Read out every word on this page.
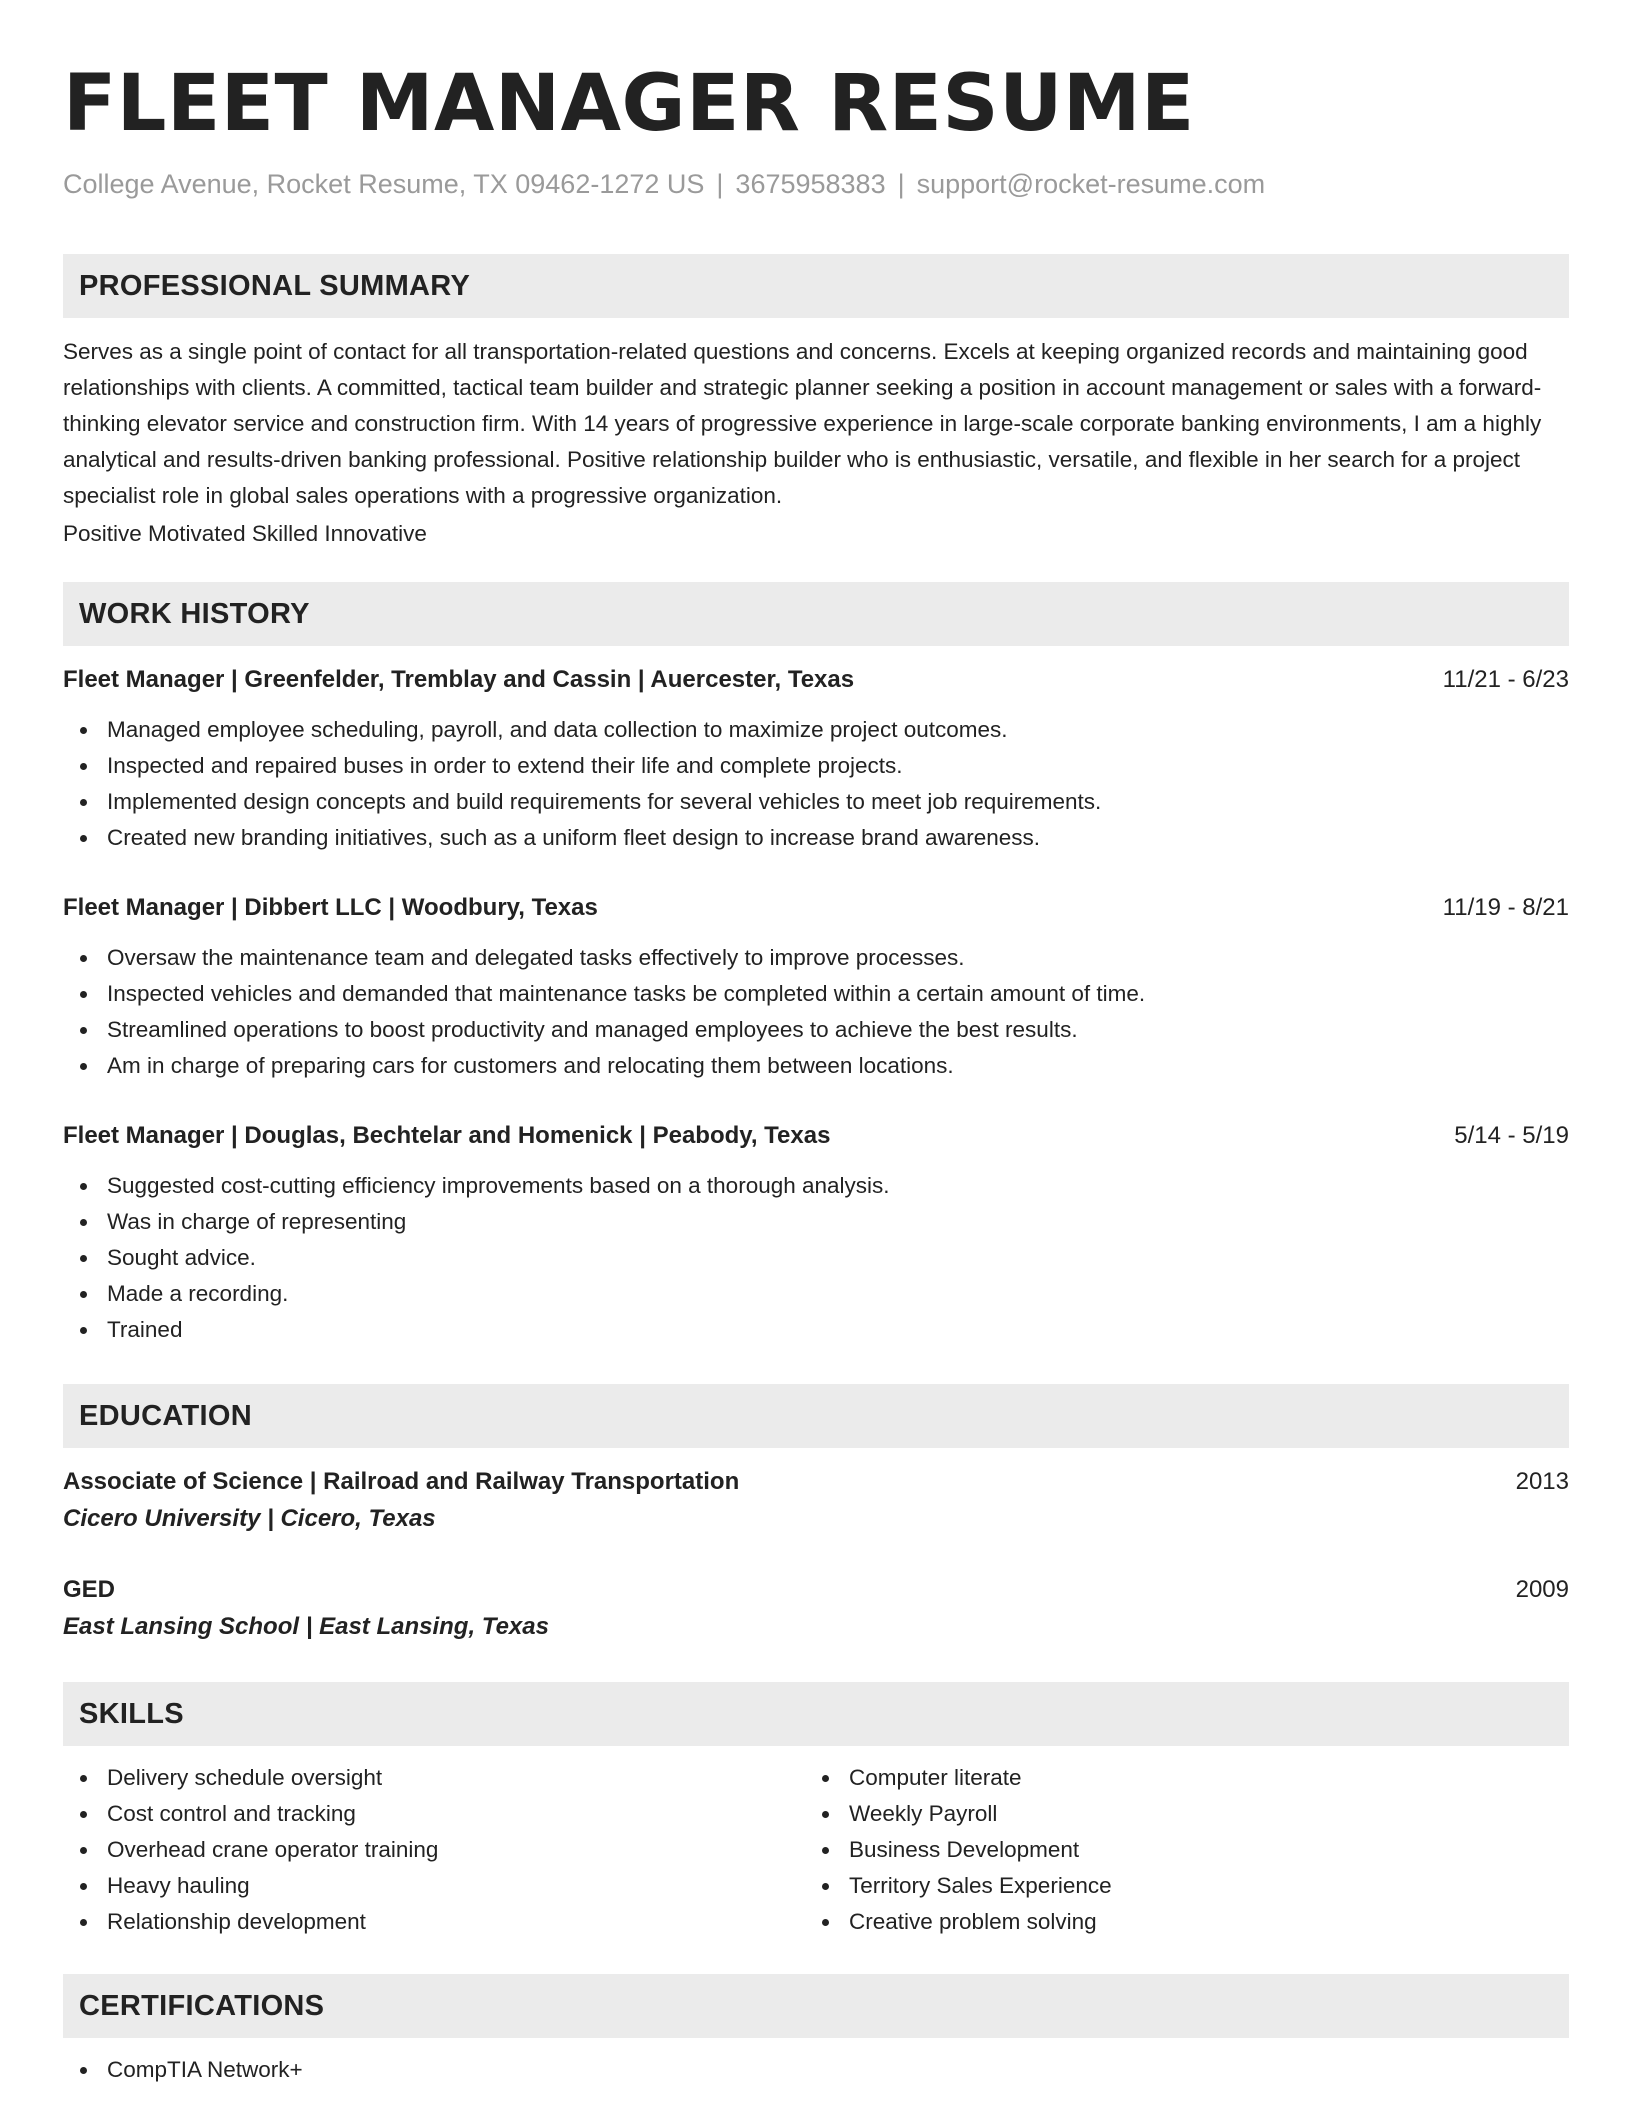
FLEET MANAGER RESUME
College Avenue, Rocket Resume, TX 09462-1272 US | 3675958383 | support@rocket-resume.com
PROFESSIONAL SUMMARY

Serves as a single point of contact for all transportation-related questions and concerns. Excels at keeping organized records and maintaining good relationships with clients. A committed, tactical team builder and strategic planner seeking a position in account management or sales with a forward-thinking elevator service and construction firm. With 14 years of progressive experience in large-scale corporate banking environments, I am a highly analytical and results-driven banking professional. Positive relationship builder who is enthusiastic, versatile, and flexible in her search for a project specialist role in global sales operations with a progressive organization.

Positive Motivated Skilled Innovative

WORK HISTORY
Fleet Manager | Greenfelder, Tremblay and Cassin | Auercester, Texas	11/21 - 6/23
Managed employee scheduling, payroll, and data collection to maximize project outcomes.
Inspected and repaired buses in order to extend their life and complete projects.
Implemented design concepts and build requirements for several vehicles to meet job requirements.
Created new branding initiatives, such as a uniform fleet design to increase brand awareness.
Fleet Manager | Dibbert LLC | Woodbury, Texas	11/19 - 8/21
Oversaw the maintenance team and delegated tasks effectively to improve processes.
Inspected vehicles and demanded that maintenance tasks be completed within a certain amount of time.
Streamlined operations to boost productivity and managed employees to achieve the best results.
Am in charge of preparing cars for customers and relocating them between locations.
Fleet Manager | Douglas, Bechtelar and Homenick | Peabody, Texas	5/14 - 5/19
Suggested cost-cutting efficiency improvements based on a thorough analysis.
Was in charge of representing
Sought advice.
Made a recording.
Trained
EDUCATION
Associate of Science | Railroad and Railway Transportation	2013
Cicero University | Cicero, Texas
GED	2009
East Lansing School | East Lansing, Texas
SKILLS
Delivery schedule oversight
Cost control and tracking
Overhead crane operator training
Heavy hauling
Relationship development
Computer literate
Weekly Payroll
Business Development
Territory Sales Experience
Creative problem solving
CERTIFICATIONS
CompTIA Network+
